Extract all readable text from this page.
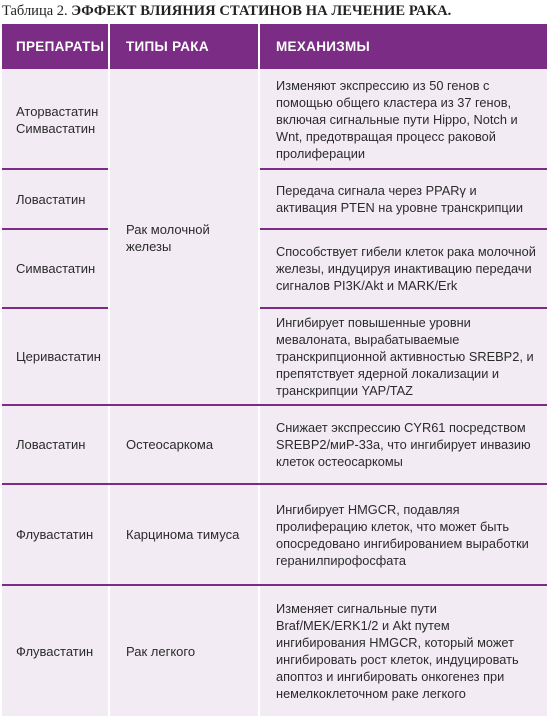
Таблица 2. ЭФФЕКТ ВЛИЯНИЯ СТАТИНОВ НА ЛЕЧЕНИЕ РАКА.
ПРЕПАРАТЫ ТИПЫ РАКА	МЕХАНИЗМЫ
Аторвастатин
Симвастатин
Ловастатин
Симвастатин
Церивастатин
Ловастатин
Флувастатин
Флувастатин
Рак молочной
железы
Остеосаркома
Карцинома тимуса
Рак легкого
Изменяют экспрессию из 50 генов с помощью общего кластера из 37 генов, включая сигнальные пути Hippo, Notch и Wnt, предотвращая процесс раковой пролиферации
Передача сигнала через PPARγ и активация PTEN на уровне транскрипции
Способствует гибели клеток рака молочной железы, индуцируя инактивацию передачи сигналов PI3K/Akt и MARK/Erk
Ингибирует повышенные уровни мевалоната, вырабатываемые транскрипционной активностью SREBP2, и препятствует ядерной локализации и транскрипции YAP/TAZ
Снижает экспрессию CYR61 посредством SREBP2/миР-33a, что ингибирует инвазию клеток остеосаркомы
Ингибирует HMGCR, подавляя пролиферацию клеток, что может быть опосредовано ингибированием выработки геранилпирофосфата
Изменяет сигнальные пути Braf/MEK/ERK1/2 и Akt путем ингибирования HMGCR, который может ингибировать рост клеток, индуцировать апоптоз и ингибировать онкогенез при немелкоклеточном раке легкого
